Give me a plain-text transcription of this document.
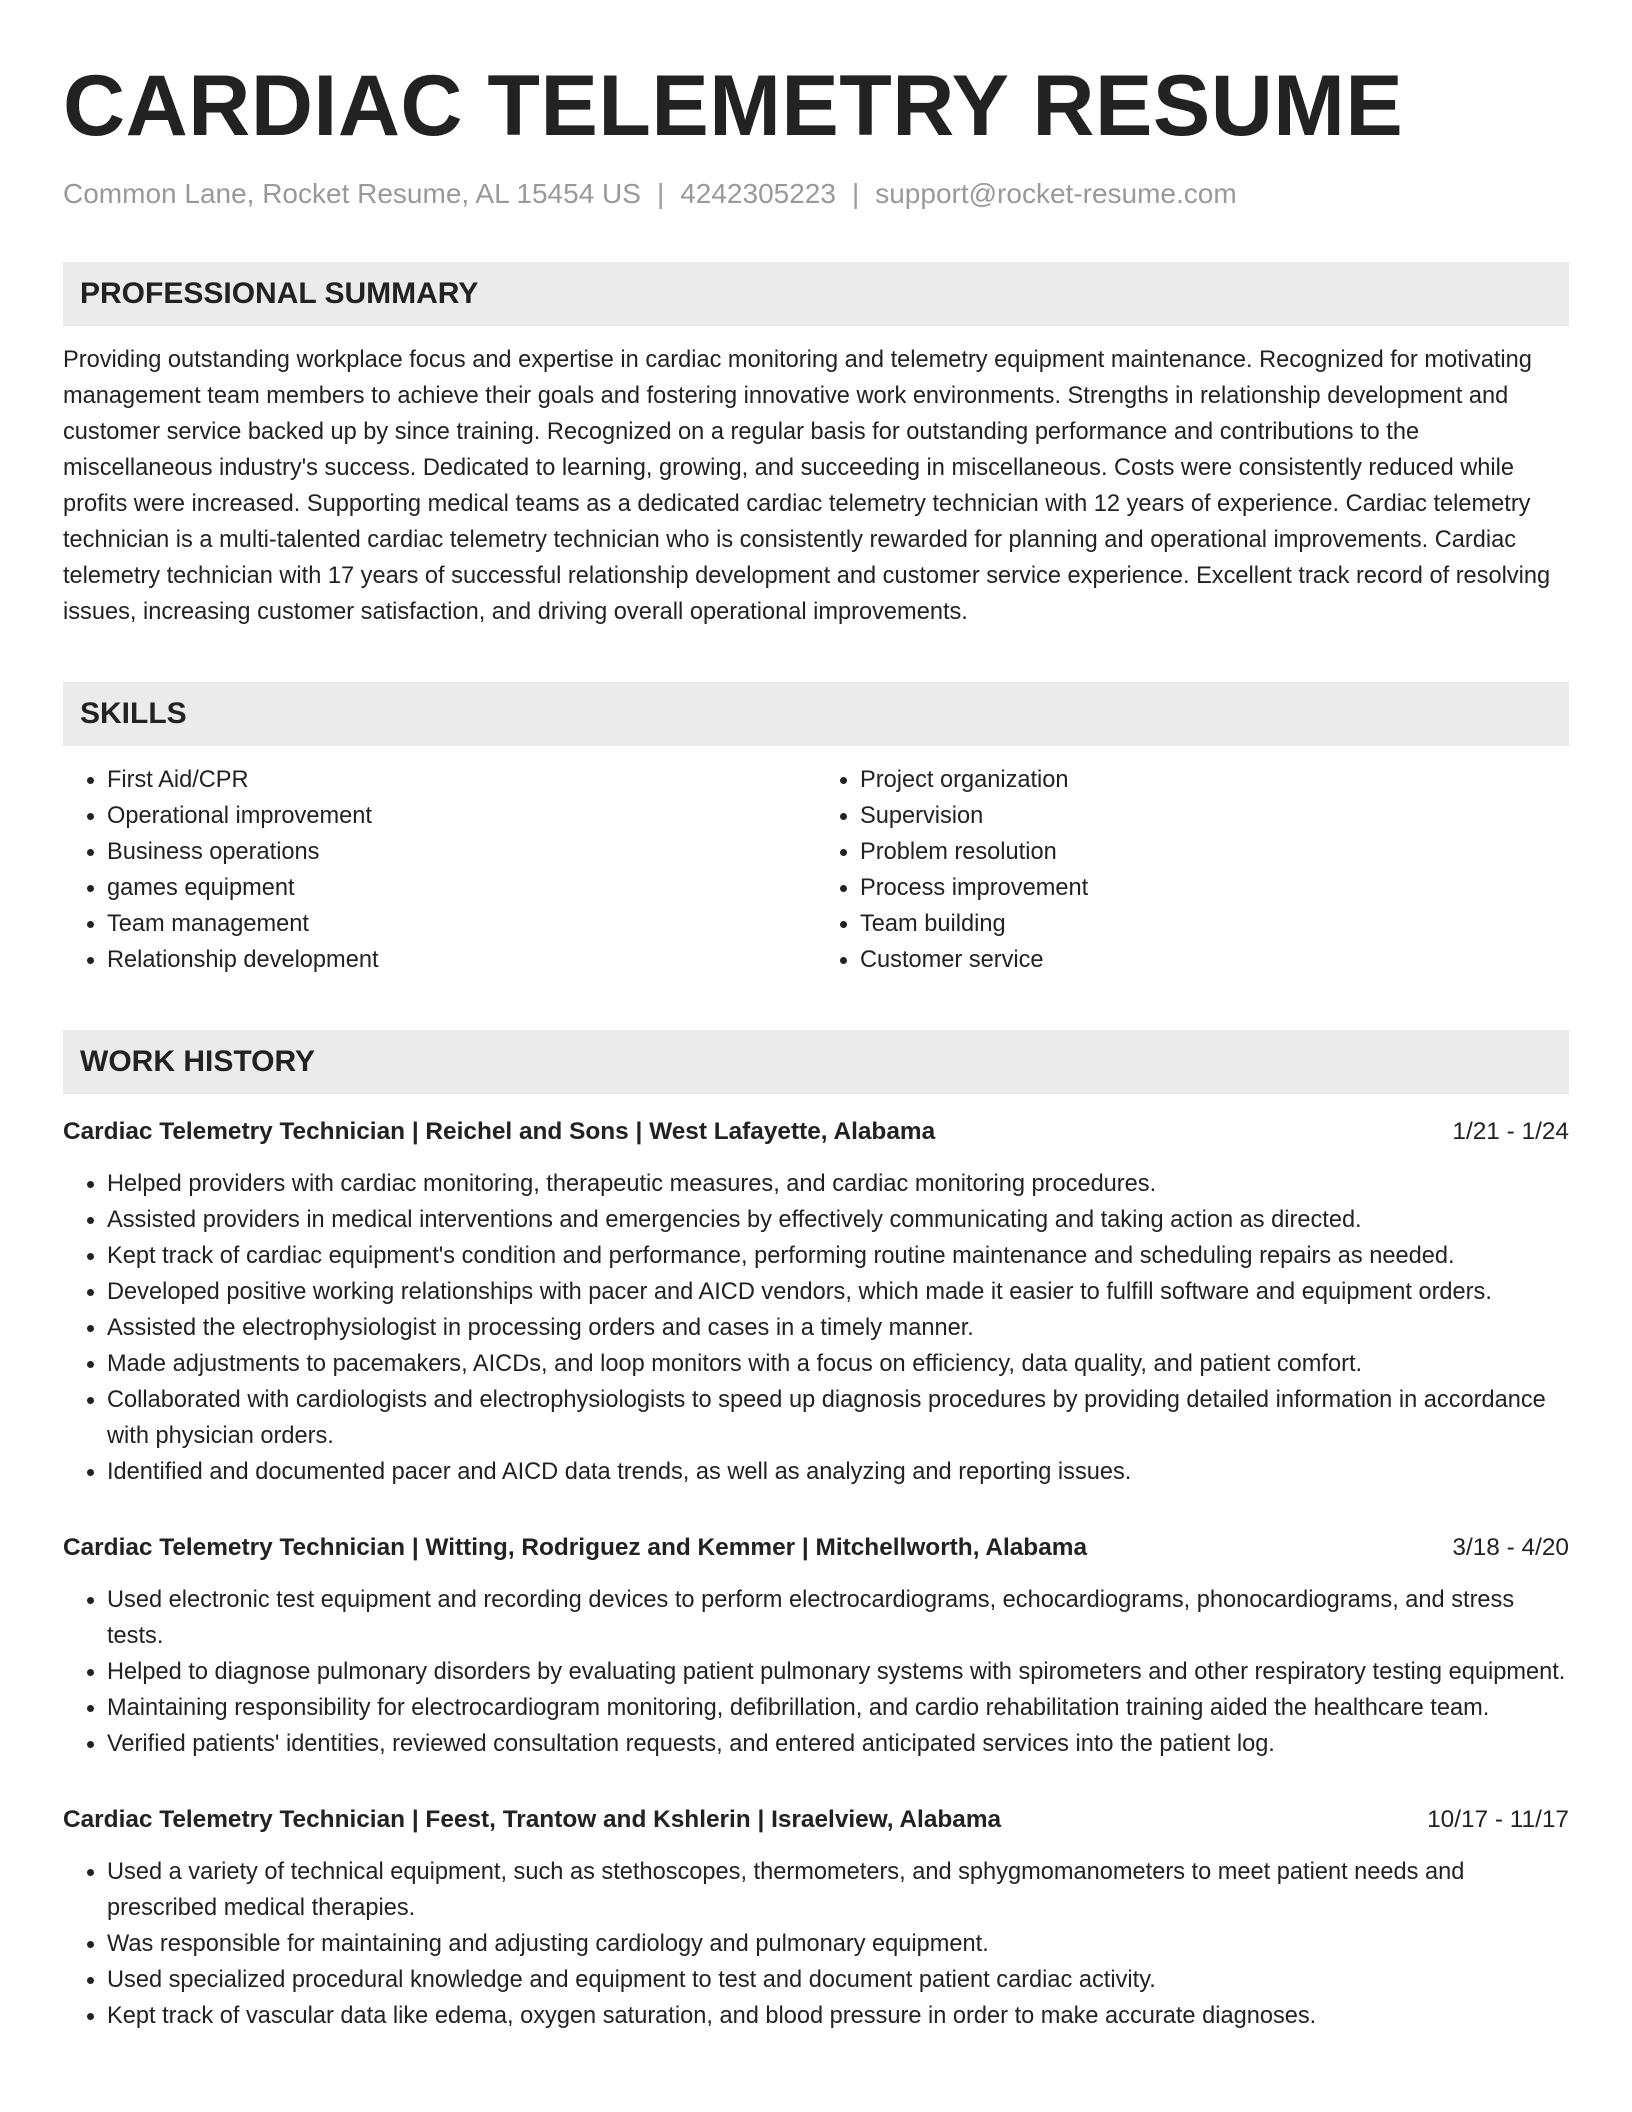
CARDIAC TELEMETRY RESUME
Common Lane, Rocket Resume, AL 15454 US | 4242305223 | support@rocket-resume.com
PROFESSIONAL SUMMARY
Providing outstanding workplace focus and expertise in cardiac monitoring and telemetry equipment maintenance. Recognized for motivating management team members to achieve their goals and fostering innovative work environments. Strengths in relationship development and customer service backed up by since training. Recognized on a regular basis for outstanding performance and contributions to the miscellaneous industry's success. Dedicated to learning, growing, and succeeding in miscellaneous. Costs were consistently reduced while profits were increased. Supporting medical teams as a dedicated cardiac telemetry technician with 12 years of experience. Cardiac telemetry technician is a multi-talented cardiac telemetry technician who is consistently rewarded for planning and operational improvements. Cardiac telemetry technician with 17 years of successful relationship development and customer service experience. Excellent track record of resolving issues, increasing customer satisfaction, and driving overall operational improvements.
SKILLS
• First Aid/CPR
• Operational improvement
• Business operations
• games equipment
• Team management
• Relationship development
• Project organization
• Supervision
• Problem resolution
• Process improvement
• Team building
• Customer service
WORK HISTORY
Cardiac Telemetry Technician | Reichel and Sons | West Lafayette, Alabama	1/21 - 1/24
• Helped providers with cardiac monitoring, therapeutic measures, and cardiac monitoring procedures.
• Assisted providers in medical interventions and emergencies by effectively communicating and taking action as directed.
• Kept track of cardiac equipment's condition and performance, performing routine maintenance and scheduling repairs as needed.
• Developed positive working relationships with pacer and AICD vendors, which made it easier to fulfill software and equipment orders.
• Assisted the electrophysiologist in processing orders and cases in a timely manner.
• Made adjustments to pacemakers, AICDs, and loop monitors with a focus on efficiency, data quality, and patient comfort.
• Collaborated with cardiologists and electrophysiologists to speed up diagnosis procedures by providing detailed information in accordance with physician orders.
• Identified and documented pacer and AICD data trends, as well as analyzing and reporting issues.
Cardiac Telemetry Technician | Witting, Rodriguez and Kemmer | Mitchellworth, Alabama	3/18 - 4/20
• Used electronic test equipment and recording devices to perform electrocardiograms, echocardiograms, phonocardiograms, and stress tests.
• Helped to diagnose pulmonary disorders by evaluating patient pulmonary systems with spirometers and other respiratory testing equipment.
• Maintaining responsibility for electrocardiogram monitoring, defibrillation, and cardio rehabilitation training aided the healthcare team.
• Verified patients' identities, reviewed consultation requests, and entered anticipated services into the patient log.
Cardiac Telemetry Technician | Feest, Trantow and Kshlerin | Israelview, Alabama	10/17 - 11/17
• Used a variety of technical equipment, such as stethoscopes, thermometers, and sphygmomanometers to meet patient needs and prescribed medical therapies.
• Was responsible for maintaining and adjusting cardiology and pulmonary equipment.
• Used specialized procedural knowledge and equipment to test and document patient cardiac activity.
• Kept track of vascular data like edema, oxygen saturation, and blood pressure in order to make accurate diagnoses.
